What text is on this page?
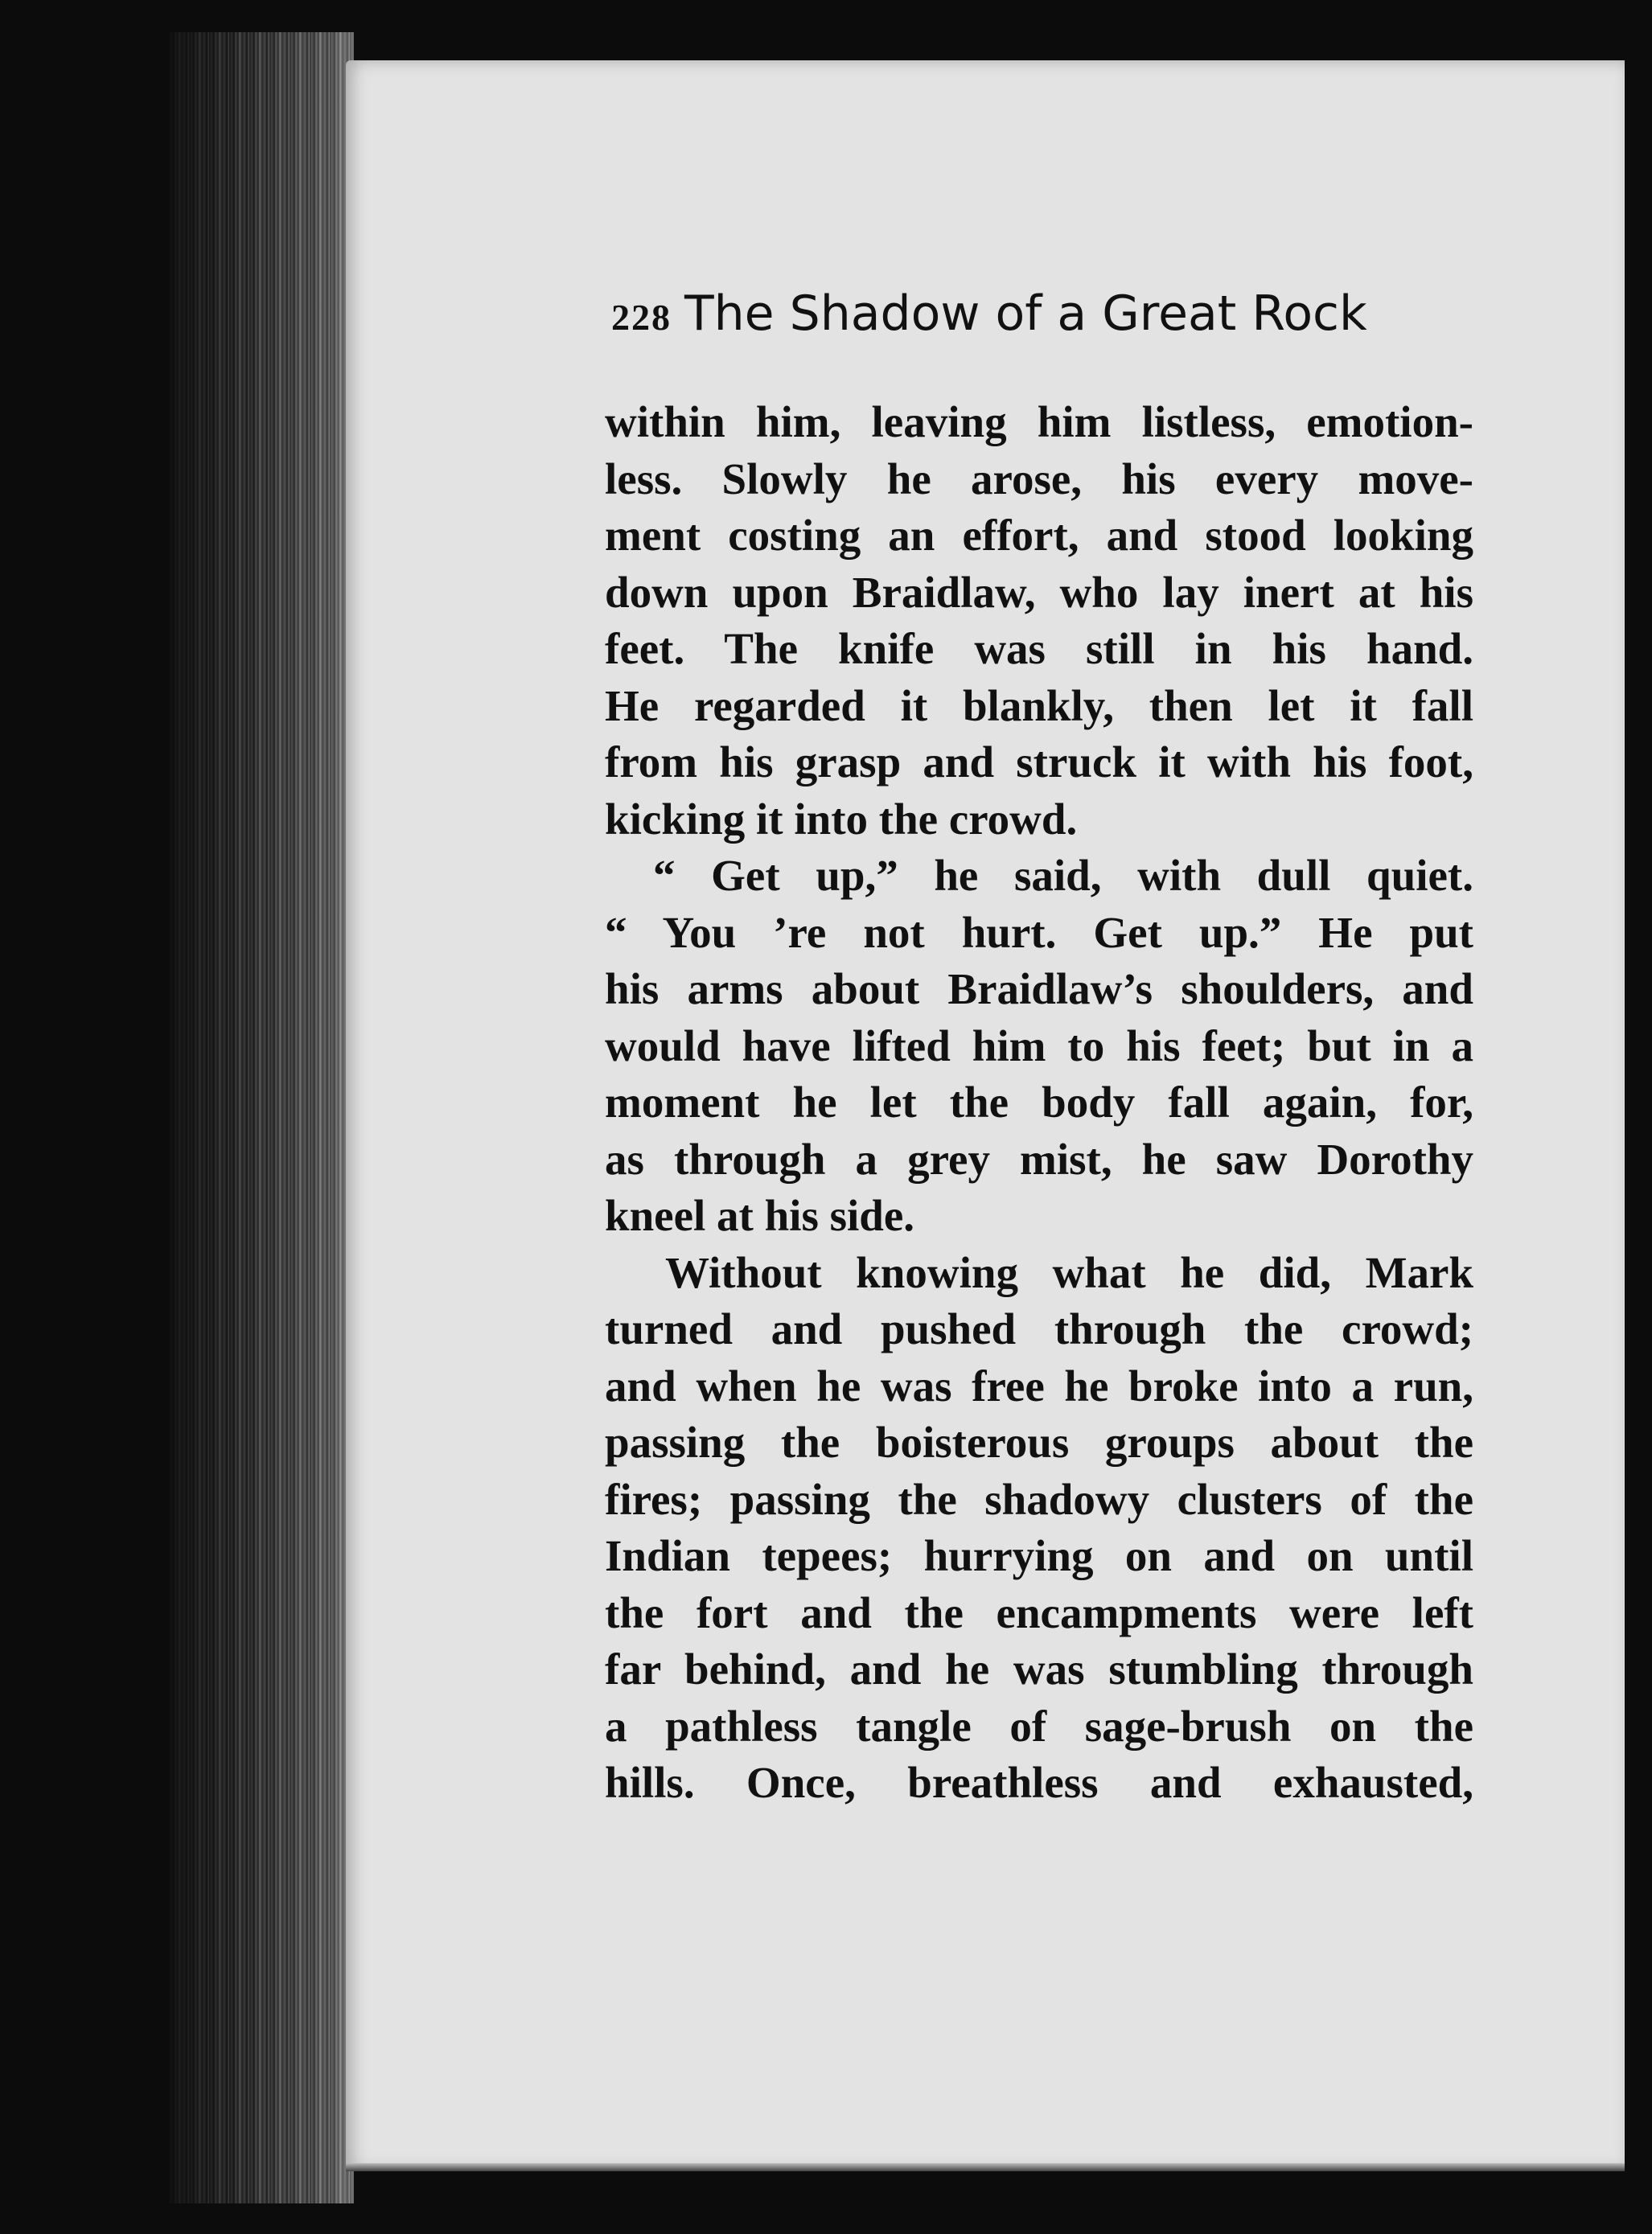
228 The Shadow of a Great Rock
within him, leaving him listless, emotion-
less. Slowly he arose, his every move-
ment costing an effort, and stood looking
down upon Braidlaw, who lay inert at his
feet. The knife was still in his hand.
He regarded it blankly, then let it fall
from his grasp and struck it with his foot,
kicking it into the crowd.
“ Get up,” he said, with dull quiet.
“ You ’re not hurt. Get up.” He put
his arms about Braidlaw’s shoulders, and
would have lifted him to his feet; but in a
moment he let the body fall again, for,
as through a grey mist, he saw Dorothy
kneel at his side.
Without knowing what he did, Mark
turned and pushed through the crowd;
and when he was free he broke into a run,
passing the boisterous groups about the
fires; passing the shadowy clusters of the
Indian tepees; hurrying on and on until
the fort and the encampments were left
far behind, and he was stumbling through
a pathless tangle of sage-brush on the
hills. Once, breathless and exhausted,
